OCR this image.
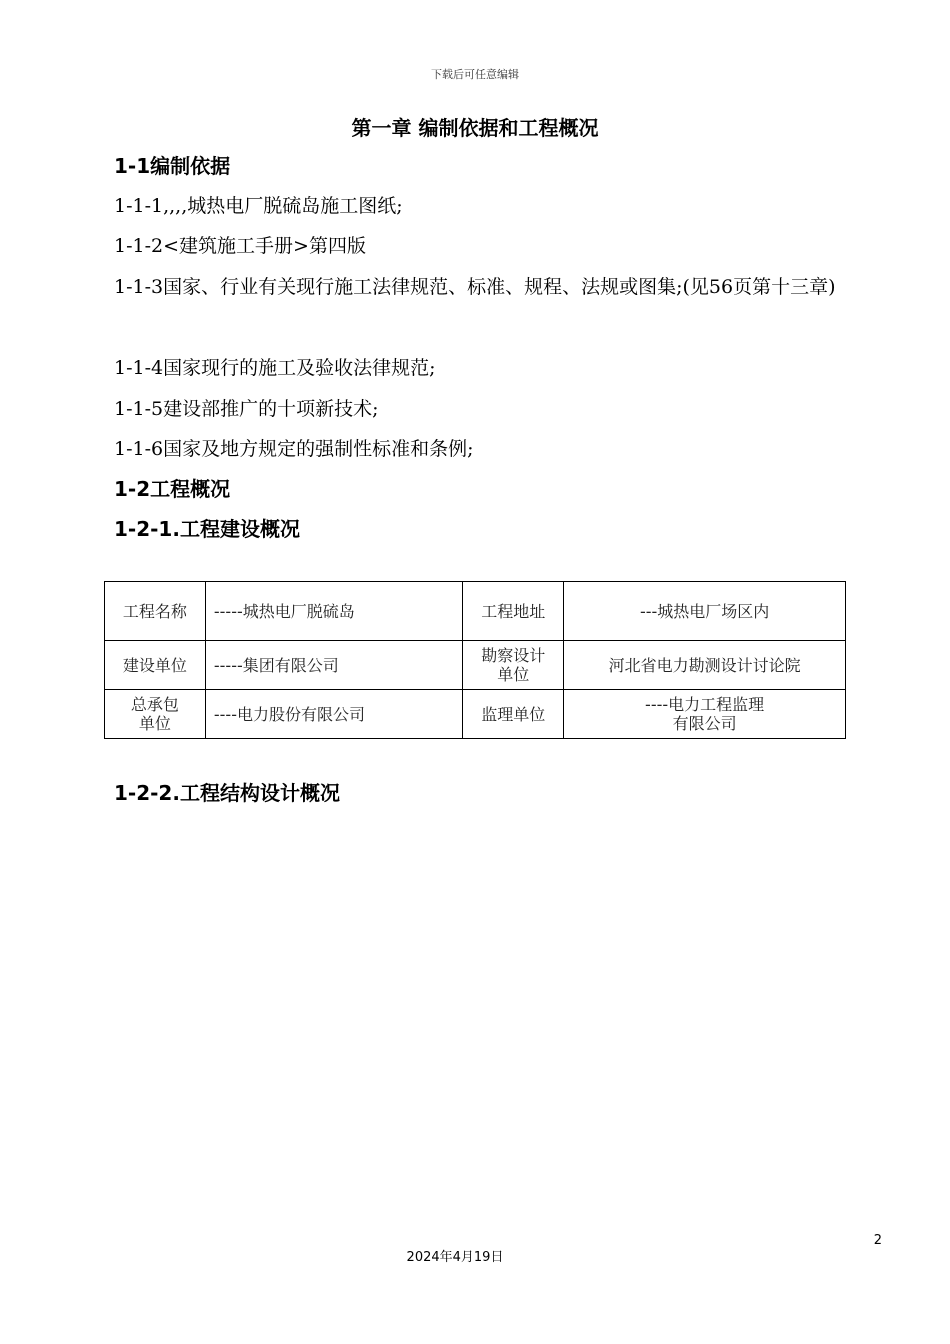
下载后可任意编辑
第一章 编制依据和工程概况
1-1编制依据
1-1-1,,,,城热电厂脱硫岛施工图纸;
1-1-2<建筑施工手册>第四版
1-1-3国家、行业有关现行施工法律规范、标准、规程、法规或图集;(见56页第十三章)
1-1-4国家现行的施工及验收法律规范;
1-1-5建设部推广的十项新技术;
1-1-6国家及地方规定的强制性标准和条例;
1-2工程概况
1-2-1.工程建设概况
工程名称	-----城热电厂脱硫岛	工程地址	---城热电厂场区内
建设单位	-----集团有限公司	勘察设计单位	河北省电力勘测设计讨论院
总承包单位	----电力股份有限公司	监理单位	----电力工程监理有限公司
1-2-2.工程结构设计概况
2
2024年4月19日
